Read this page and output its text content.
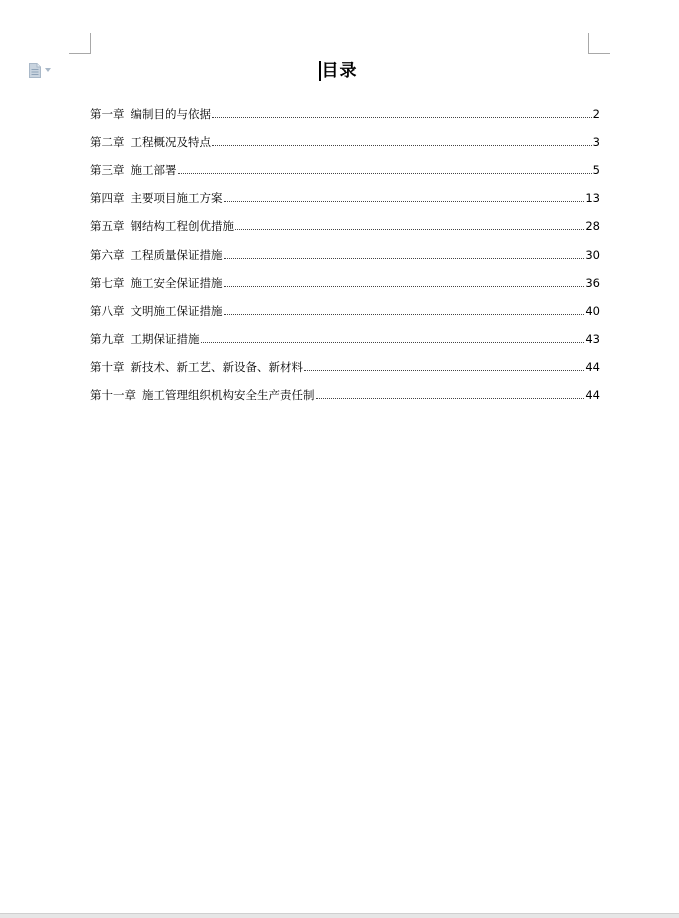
目录
第一章 编制目的与依据	2
第二章 工程概况及特点	3
第三章 施工部署	5
第四章 主要项目施工方案	13
第五章 钢结构工程创优措施	28
第六章 工程质量保证措施	30
第七章 施工安全保证措施	36
第八章 文明施工保证措施	40
第九章 工期保证措施	43
第十章 新技术、新工艺、新设备、新材料	44
第十一章 施工管理组织机构安全生产责任制	44
